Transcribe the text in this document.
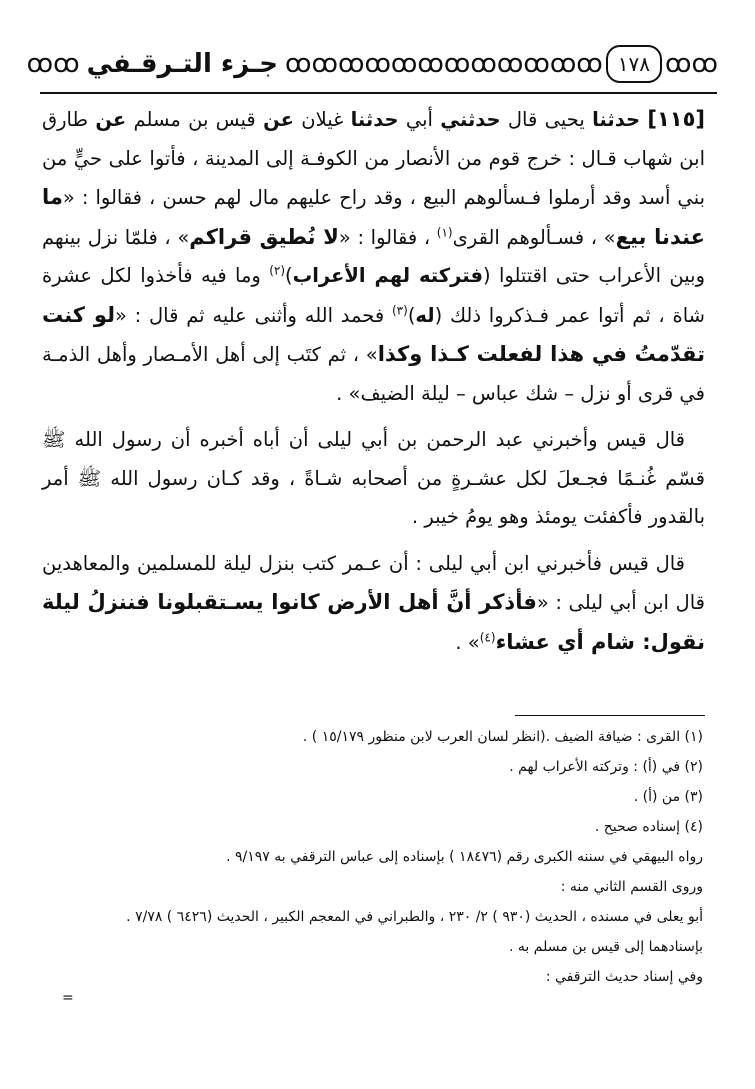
ꝏꝏ
١٧٨
ꝏꝏꝏꝏꝏꝏꝏꝏꝏꝏꝏꝏ
جـزء التـرقـفي
ꝏꝏ

[١١٥] حدثنا يحيى قال حدثني أبي حدثنا غيلان عن قيس بن مسلم عن طارق ابن شهاب قـال : خرج قوم من الأنصار من الكوفـة إلى المدينة ، فأتوا على حيٍّ من بني أسد وقد أرملوا فـسألوهم البيع ، وقد راح عليهم مال لهم حسن ، فقالوا : «ما عندنا بيع» ، فسـألوهم القرى$^{(١)}$ ، فقالوا : «لا نُطيق قراكم» ، فلمّا نزل بينهم وبين الأعراب حتى اقتتلوا (فتركته لهم الأعراب)$^{(٢)}$ وما فيه فأخذوا لكل عشرة شاة ، ثم أتوا عمر فـذكروا ذلك (له)$^{(٣)}$ فحمد الله وأثنى عليه ثم قال : «لو كنت تقدّمتُ في هذا لفعلت كـذا وكذا» ، ثم كتَب إلى أهل الأمـصار وأهل الذمـة في قرى أو نزل – شك عباس – ليلة الضيف» .

قال قيس وأخبرني عبد الرحمن بن أبي ليلى أن أباه أخبره أن رسول الله ﷺ قسّم غُنـمًا فجـعلَ لكل عشـرةٍ من أصحابه شـاةً ، وقد كـان رسول الله ﷺ أمر بالقدور فأكفئت يومئذ وهو يومُ خيبر .

قال قيس فأخبرني ابن أبي ليلى : أن عـمر كتب بنزل ليلة للمسلمين والمعاهدين قال ابن أبي ليلى : «فأذكر أنَّ أهل الأرض كانوا يسـتقبلونا فننزلُ ليلة نقول: شام أي عشاء$^{(٤)}$» .

(١) القرى : ضيافة الضيف .(انظر لسان العرب لابن منظور ١٥/١٧٩ ) .
(٢) في (أ) : وتركته الأعراب لهم .
(٣) من (أ) .
(٤) إسناده صحيح .
رواه البيهقي في سننه الكبرى رقم (١٨٤٧٦ ) بإسناده إلى عباس الترقفي به ٩/١٩٧ .
وروى القسم الثاني منه :
أبو يعلى في مسنده ، الحديث (٩٣٠ ) ٢/ ٢٣٠ ، والطبراني في المعجم الكبير ، الحديث (٦٤٢٦ ) ٧/٧٨ .
بإسنادهما إلى قيس بن مسلم به .
وفي إسناد حديث الترقفي :
=
